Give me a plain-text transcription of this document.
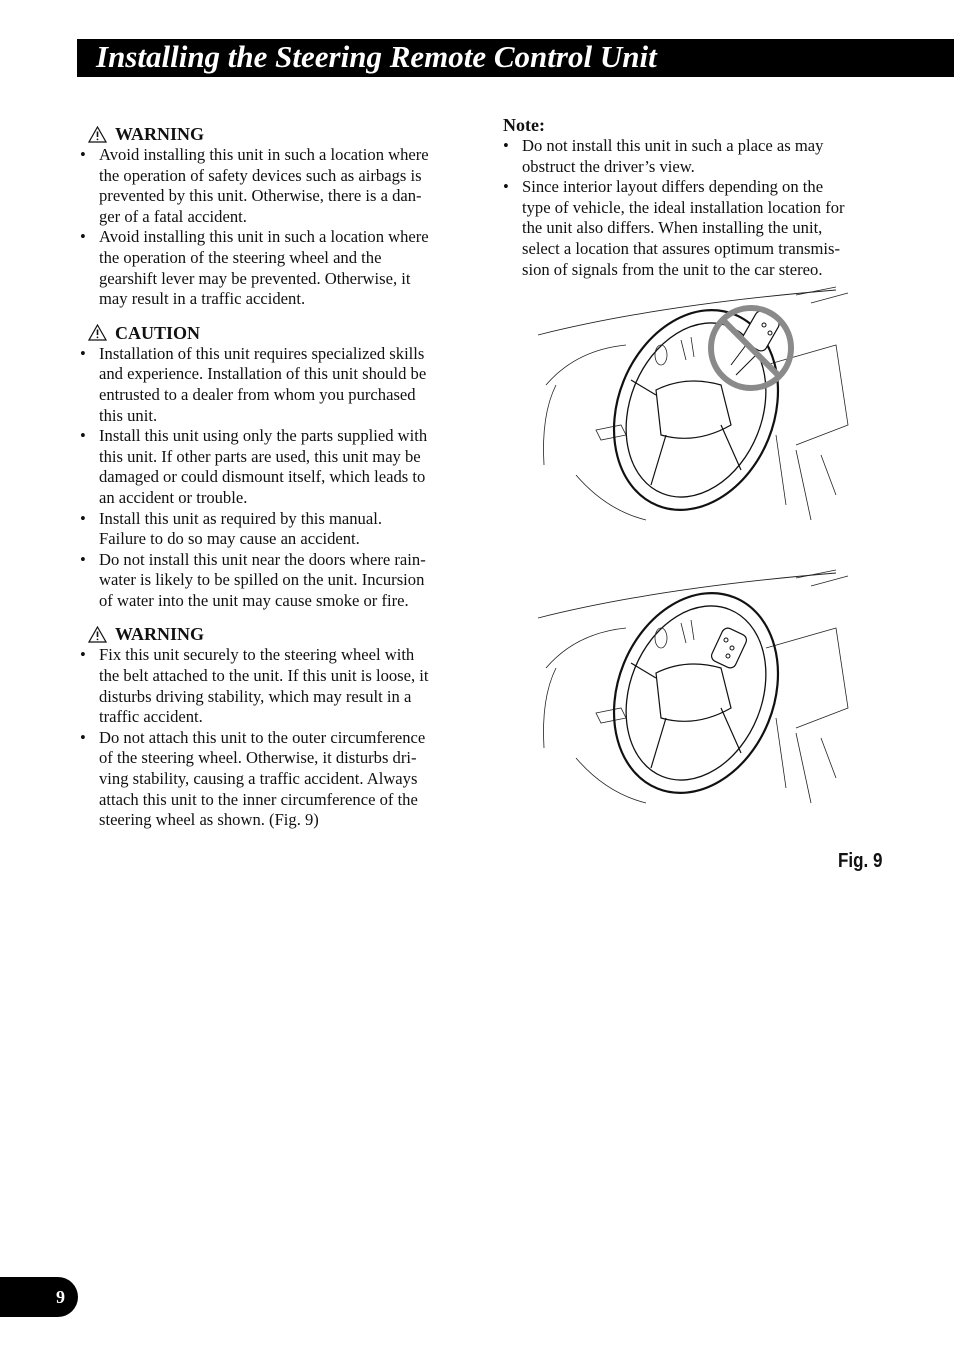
Installing the Steering Remote Control Unit
WARNING
• Avoid installing this unit in such a location where
the operation of safety devices such as airbags is
prevented by this unit. Otherwise, there is a dan-
ger of a fatal accident.

• Avoid installing this unit in such a location where
the operation of the steering wheel and the
gearshift lever may be prevented. Otherwise, it
may result in a traffic accident.

CAUTION
• Installation of this unit requires specialized skills
and experience. Installation of this unit should be
entrusted to a dealer from whom you purchased
this unit.

• Install this unit using only the parts supplied with
this unit. If other parts are used, this unit may be
damaged or could dismount itself, which leads to
an accident or trouble.

• Install this unit as required by this manual.
Failure to do so may cause an accident.

• Do not install this unit near the doors where rain-
water is likely to be spilled on the unit. Incursion
of water into the unit may cause smoke or fire.

WARNING
• Fix this unit securely to the steering wheel with
the belt attached to the unit. If this unit is loose, it
disturbs driving stability, which may result in a
traffic accident.

• Do not attach this unit to the outer circumference
of the steering wheel. Otherwise, it disturbs dri-
ving stability, causing a traffic accident. Always
attach this unit to the inner circumference of the
steering wheel as shown. (Fig. 9)

Note:
• Do not install this unit in such a place as may
obstruct the driver’s view.

• Since interior layout differs depending on the
type of vehicle, the ideal installation location for
the unit also differs. When installing the unit,
select a location that assures optimum transmis-
sion of signals from the unit to the car stereo.

Fig. 9
9
